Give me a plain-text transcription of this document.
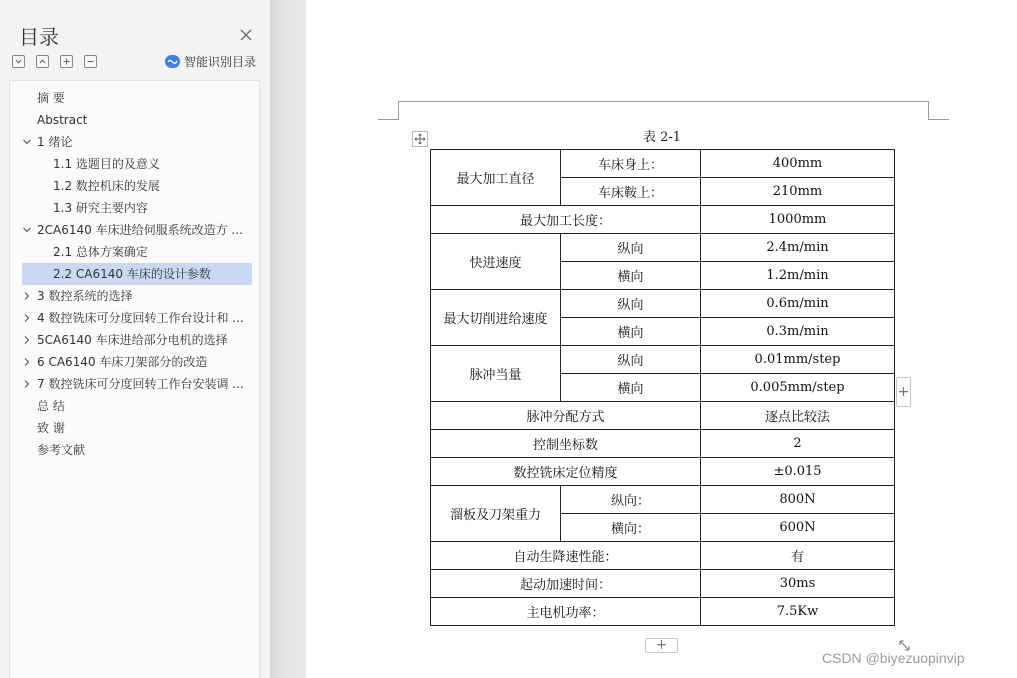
目录
智能识别目录
摘 要
Abstract
1 绪论
1.1 选题目的及意义
1.2 数控机床的发展
1.3 研究主要内容
2CA6140 车床进给伺服系统改造方 ...
2.1 总体方案确定
2.2 CA6140 车床的设计参数
3 数控系统的选择
4 数控铣床可分度回转工作台设计和 ...
5CA6140 车床进给部分电机的选择
6 CA6140 车床刀架部分的改造
7 数控铣床可分度回转工作台安装调 ...
总 结
致 谢
参考文献
表 2-1
最大加工直径	车床身上：	400mm
	车床鞍上：	210mm
最大加工长度：		1000mm
快进速度	纵向	2.4m/min
	横向	1.2m/min
最大切削进给速度	纵向	0.6m/min
	横向	0.3m/min
脉冲当量	纵向	0.01mm/step
	横向	0.005mm/step
脉冲分配方式		逐点比较法
控制坐标数		2
数控铣床定位精度		±0.015
溜板及刀架重力	纵向：	800N
	横向：	600N
自动生降速性能：		有
起动加速时间：		30ms
主电机功率：		7.5Kw
+
+
CSDN @biyezuopinvip
